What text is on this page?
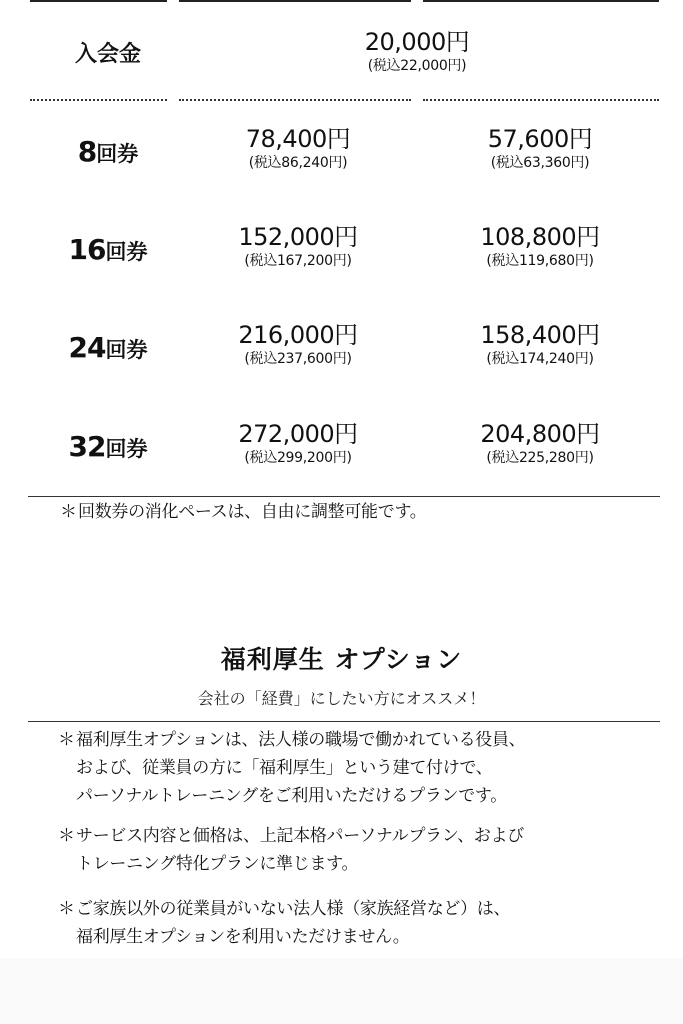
入会金	20,000円
(税込22,000円)
8回券
78,400円
(税込86,240円)
57,600円
(税込63,360円)
16回券
152,000円
(税込167,200円)
108,800円
(税込119,680円)
24回券
216,000円
(税込237,600円)
158,400円
(税込174,240円)
32回券
272,000円
(税込299,200円)
204,800円
(税込225,280円)
＊回数券の消化ペースは、自由に調整可能です。
福利厚生 オプション
会社の「経費」にしたい方にオススメ！
＊福利厚生オプションは、法人様の職場で働かれている役員、
および、従業員の方に「福利厚生」という建て付けで、
パーソナルトレーニングをご利用いただけるプランです。
＊サービス内容と価格は、上記本格パーソナルプラン、および
トレーニング特化プランに準じます。
＊ご家族以外の従業員がいない法人様（家族経営など）は、
福利厚生オプションを利用いただけません。
